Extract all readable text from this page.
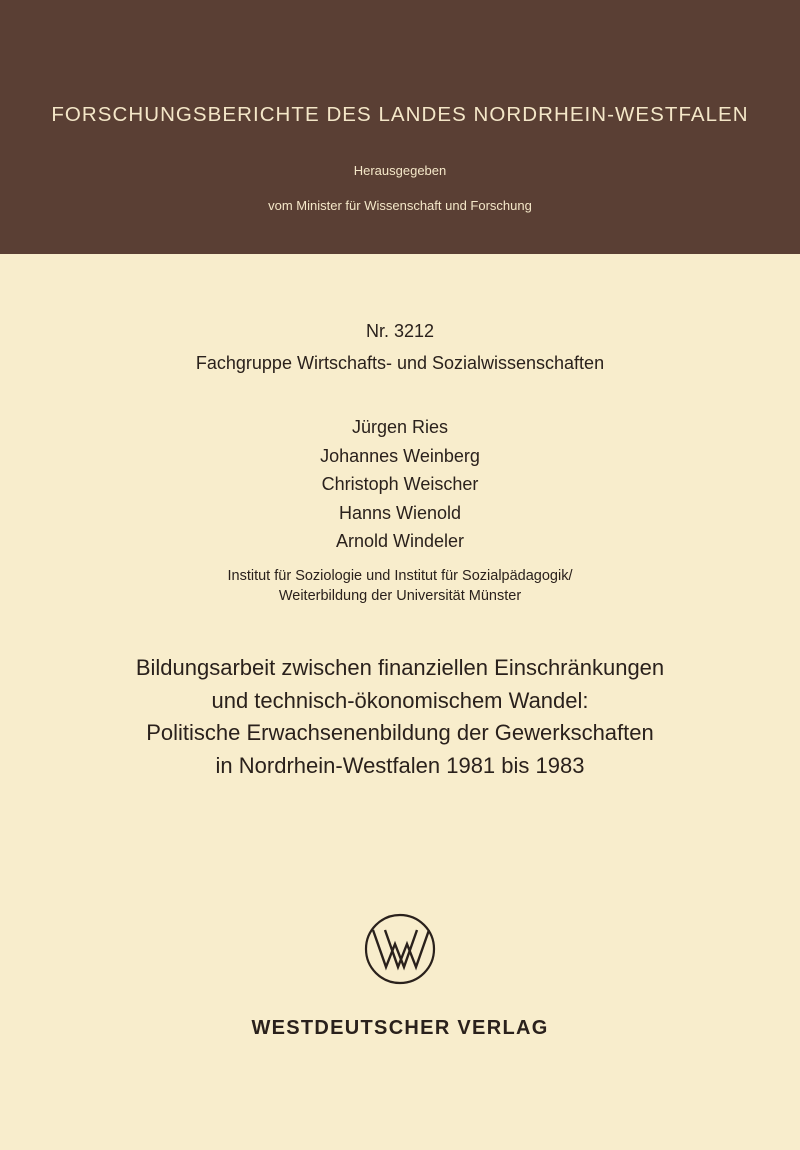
FORSCHUNGSBERICHTE DES LANDES NORDRHEIN-WESTFALEN
Herausgegeben
vom Minister für Wissenschaft und Forschung
Nr. 3212
Fachgruppe Wirtschafts- und Sozialwissenschaften
Jürgen Ries
Johannes Weinberg
Christoph Weischer
Hanns Wienold
Arnold Windeler
Institut für Soziologie und Institut für Sozialpädagogik/
Weiterbildung der Universität Münster
Bildungsarbeit zwischen finanziellen Einschränkungen
und technisch-ökonomischem Wandel:
Politische Erwachsenenbildung der Gewerkschaften
in Nordrhein-Westfalen 1981 bis 1983
WESTDEUTSCHER VERLAG
